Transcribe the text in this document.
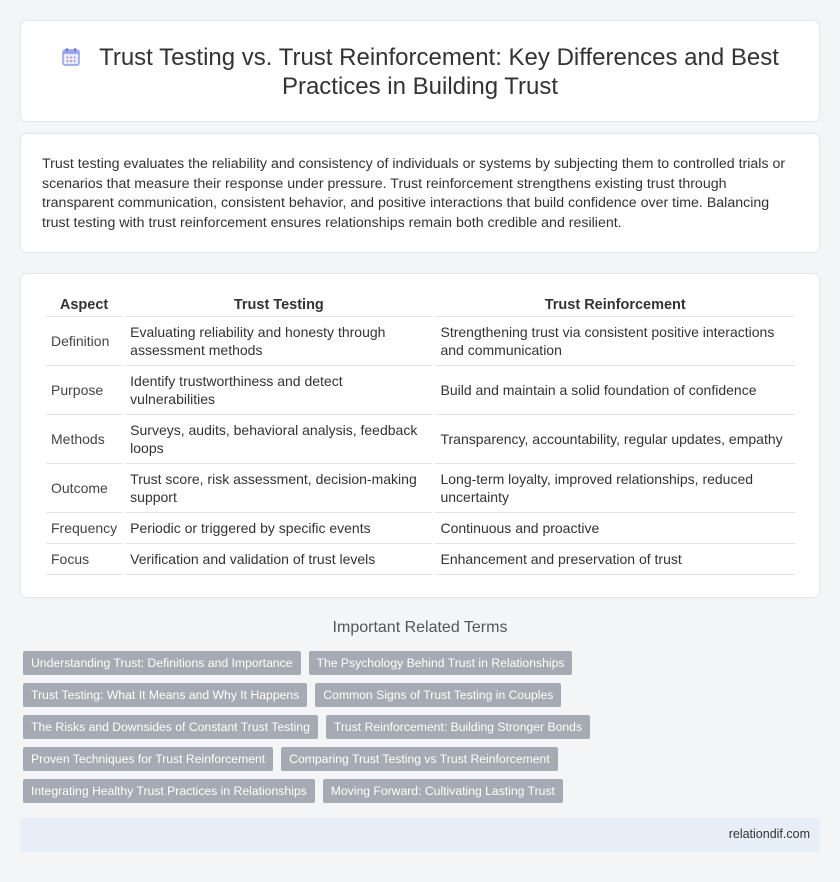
Trust Testing vs. Trust Reinforcement: Key Differences and Best Practices in Building Trust

Trust testing evaluates the reliability and consistency of individuals or systems by subjecting them to controlled trials or scenarios that measure their response under pressure. Trust reinforcement strengthens existing trust through transparent communication, consistent behavior, and positive interactions that build confidence over time. Balancing trust testing with trust reinforcement ensures relationships remain both credible and resilient.

Aspect	Trust Testing	Trust Reinforcement
Definition	Evaluating reliability and honesty through assessment methods	Strengthening trust via consistent positive interactions and communication
Purpose	Identify trustworthiness and detect vulnerabilities	Build and maintain a solid foundation of confidence
Methods	Surveys, audits, behavioral analysis, feedback loops	Transparency, accountability, regular updates, empathy
Outcome	Trust score, risk assessment, decision-making support	Long-term loyalty, improved relationships, reduced uncertainty
Frequency	Periodic or triggered by specific events	Continuous and proactive
Focus	Verification and validation of trust levels	Enhancement and preservation of trust
Important Related Terms
Understanding Trust: Definitions and Importance	The Psychology Behind Trust in Relationships
Trust Testing: What It Means and Why It Happens	Common Signs of Trust Testing in Couples
The Risks and Downsides of Constant Trust Testing	Trust Reinforcement: Building Stronger Bonds
Proven Techniques for Trust Reinforcement	Comparing Trust Testing vs Trust Reinforcement
Integrating Healthy Trust Practices in Relationships	Moving Forward: Cultivating Lasting Trust
relationdif.com
